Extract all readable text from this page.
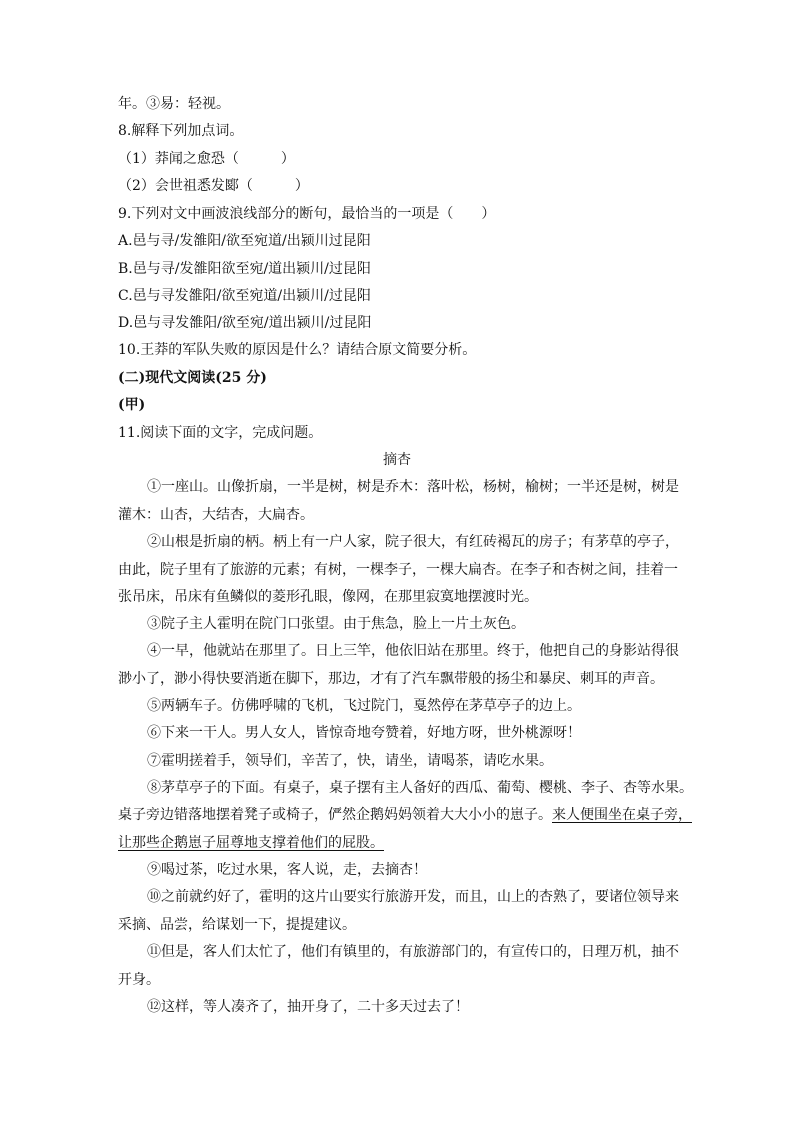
年。③易：轻视。
8.解释下列加点词。
（1）莽闻之愈恐（　　　）
（2）会世祖悉发郾（　　　）
9.下列对文中画波浪线部分的断句，最恰当的一项是（　　）
A.邑与寻/发雒阳/欲至宛道/出颍川过昆阳
B.邑与寻/发雒阳欲至宛/道出颍川/过昆阳
C.邑与寻发雒阳/欲至宛道/出颍川/过昆阳
D.邑与寻发雒阳/欲至宛/道出颍川/过昆阳
10.王莽的军队失败的原因是什么？请结合原文简要分析。
(二)现代文阅读(25 分)
(甲)
11.阅读下面的文字，完成问题。
摘杏
①一座山。山像折扇，一半是树，树是乔木：落叶松，杨树，榆树；一半还是树，树是
灌木：山杏，大结杏，大扁杏。
②山根是折扇的柄。柄上有一户人家，院子很大，有红砖褐瓦的房子；有茅草的亭子，
由此，院子里有了旅游的元素；有树，一棵李子，一棵大扁杏。在李子和杏树之间，挂着一
张吊床，吊床有鱼鳞似的菱形孔眼，像网，在那里寂寞地摆渡时光。
③院子主人霍明在院门口张望。由于焦急，脸上一片土灰色。
④一早，他就站在那里了。日上三竿，他依旧站在那里。终于，他把自己的身影站得很
渺小了，渺小得快要消逝在脚下，那边，才有了汽车飘带般的扬尘和暴戾、刺耳的声音。
⑤两辆车子。仿佛呼啸的飞机，飞过院门，戛然停在茅草亭子的边上。
⑥下来一干人。男人女人，皆惊奇地夸赞着，好地方呀，世外桃源呀！
⑦霍明搓着手，领导们，辛苦了，快，请坐，请喝茶，请吃水果。
⑧茅草亭子的下面。有桌子，桌子摆有主人备好的西瓜、葡萄、樱桃、李子、杏等水果。
桌子旁边错落地摆着凳子或椅子，俨然企鹅妈妈领着大大小小的崽子。来人便围坐在桌子旁，
让那些企鹅崽子屈尊地支撑着他们的屁股。
⑨喝过茶，吃过水果，客人说，走，去摘杏！
⑩之前就约好了，霍明的这片山要实行旅游开发，而且，山上的杏熟了，要诸位领导来
采摘、品尝，给谋划一下，提提建议。
⑪但是，客人们太忙了，他们有镇里的，有旅游部门的，有宣传口的，日理万机，抽不
开身。
⑫这样，等人凑齐了，抽开身了，二十多天过去了！
